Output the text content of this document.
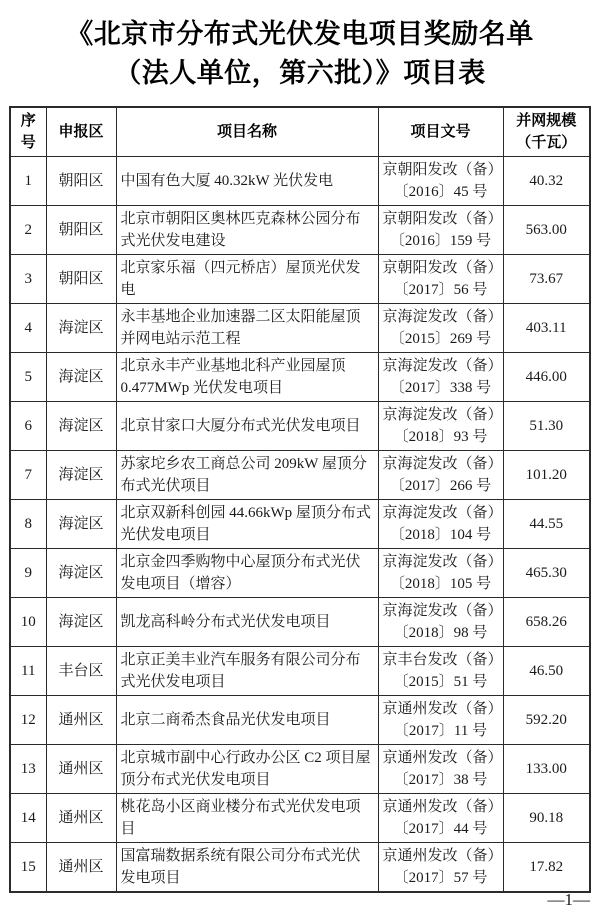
《北京市分布式光伏发电项目奖励名单
（法人单位，第六批）》项目表
序号	申报区	项目名称	项目文号	并网规模
（千瓦）

1	朝阳区	中国有色大厦 40.32kW 光伏发电	京朝阳发改（备）
〔2016〕45 号	40.32
2	朝阳区	北京市朝阳区奥林匹克森林公园分布式光伏发电建设	京朝阳发改（备）
〔2016〕159 号	563.00
3	朝阳区	北京家乐福（四元桥店）屋顶光伏发电	京朝阳发改（备）
〔2017〕56 号	73.67
4	海淀区	永丰基地企业加速器二区太阳能屋顶并网电站示范工程	京海淀发改（备）
〔2015〕269 号	403.11
5	海淀区	北京永丰产业基地北科产业园屋顶0.477MWp 光伏发电项目	京海淀发改（备）
〔2017〕338 号	446.00
6	海淀区	北京甘家口大厦分布式光伏发电项目	京海淀发改（备）
〔2018〕93 号	51.30
7	海淀区	苏家坨乡农工商总公司 209kW 屋顶分布式光伏项目	京海淀发改（备）
〔2017〕266 号	101.20
8	海淀区	北京双新科创园 44.66kWp 屋顶分布式光伏发电项目	京海淀发改（备）
〔2018〕104 号	44.55
9	海淀区	北京金四季购物中心屋顶分布式光伏发电项目（增容）	京海淀发改（备）
〔2018〕105 号	465.30
10	海淀区	凯龙高科岭分布式光伏发电项目	京海淀发改（备）
〔2018〕98 号	658.26
11	丰台区	北京正美丰业汽车服务有限公司分布式光伏发电项目	京丰台发改（备）
〔2015〕51 号	46.50
12	通州区	北京二商希杰食品光伏发电项目	京通州发改（备）
〔2017〕11 号	592.20
13	通州区	北京城市副中心行政办公区 C2 项目屋顶分布式光伏发电项目	京通州发改（备）
〔2017〕38 号	133.00
14	通州区	桃花岛小区商业楼分布式光伏发电项目	京通州发改（备）
〔2017〕44 号	90.18
15	通州区	国富瑞数据系统有限公司分布式光伏发电项目	京通州发改（备）
〔2017〕57 号	17.82
—1—
